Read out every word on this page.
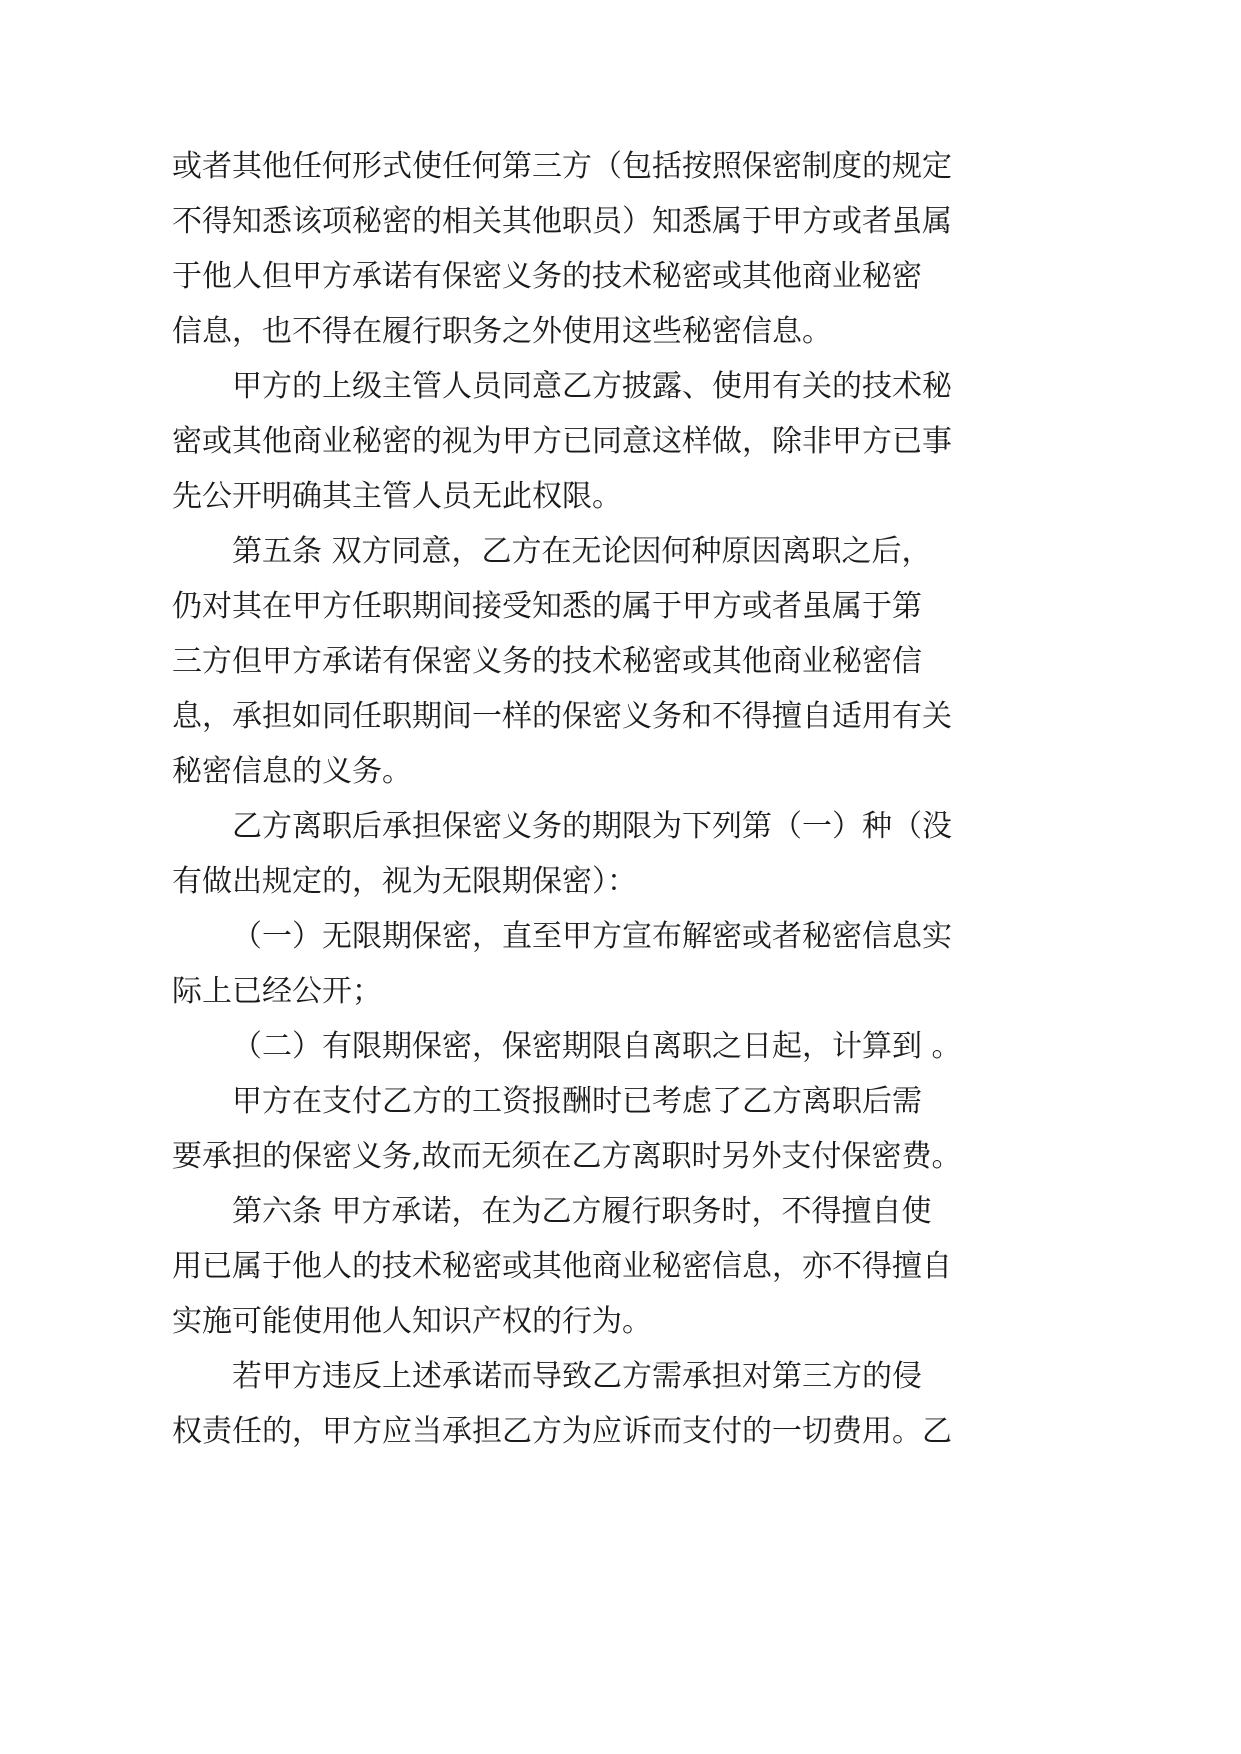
或者其他任何形式使任何第三方（包括按照保密制度的规定
不得知悉该项秘密的相关其他职员）知悉属于甲方或者虽属
于他人但甲方承诺有保密义务的技术秘密或其他商业秘密
信息，也不得在履行职务之外使用这些秘密信息。
甲方的上级主管人员同意乙方披露、使用有关的技术秘
密或其他商业秘密的视为甲方已同意这样做，除非甲方已事
先公开明确其主管人员无此权限。
第五条 双方同意，乙方在无论因何种原因离职之后，
仍对其在甲方任职期间接受知悉的属于甲方或者虽属于第
三方但甲方承诺有保密义务的技术秘密或其他商业秘密信
息，承担如同任职期间一样的保密义务和不得擅自适用有关
秘密信息的义务。
乙方离职后承担保密义务的期限为下列第（一）种（没
有做出规定的，视为无限期保密）：
（一）无限期保密，直至甲方宣布解密或者秘密信息实
际上已经公开；
（二）有限期保密，保密期限自离职之日起，计算到 。
甲方在支付乙方的工资报酬时已考虑了乙方离职后需
要承担的保密义务,故而无须在乙方离职时另外支付保密费。
第六条 甲方承诺，在为乙方履行职务时，不得擅自使
用已属于他人的技术秘密或其他商业秘密信息，亦不得擅自
实施可能使用他人知识产权的行为。
若甲方违反上述承诺而导致乙方需承担对第三方的侵
权责任的，甲方应当承担乙方为应诉而支付的一切费用。乙
